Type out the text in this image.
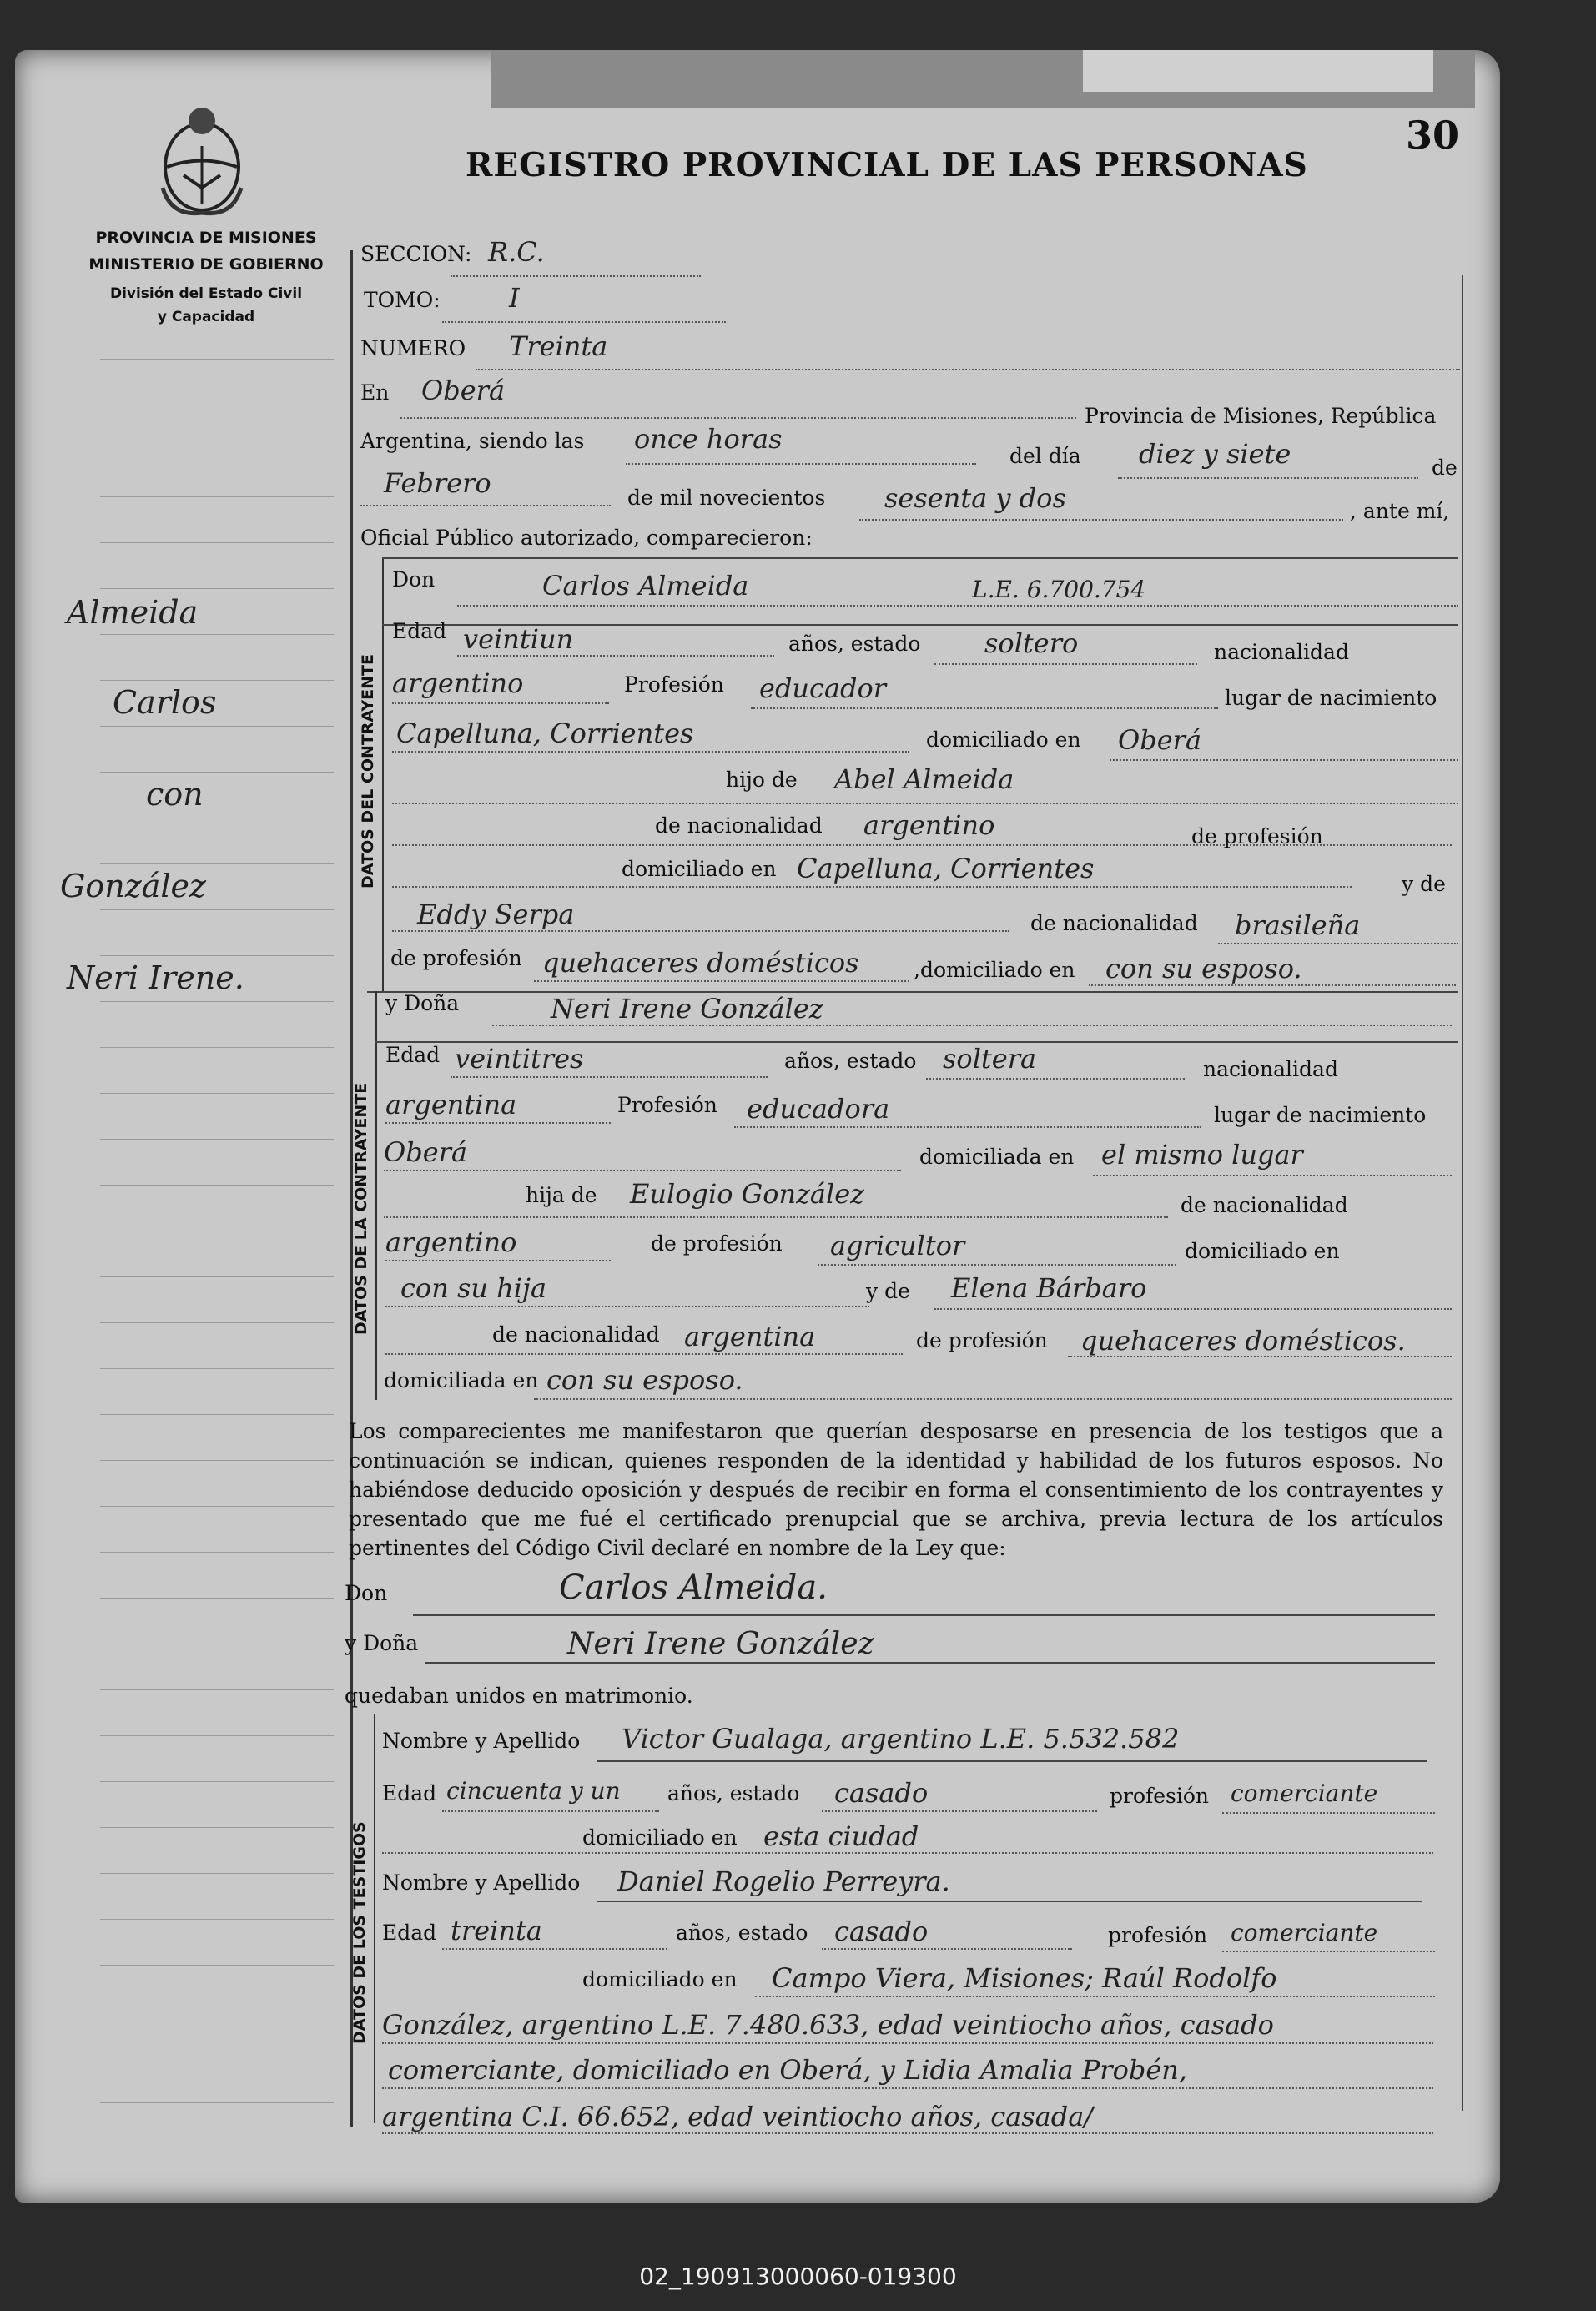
30
REGISTRO PROVINCIAL DE LAS PERSONAS
PROVINCIA DE MISIONES
MINISTERIO DE GOBIERNO
División del Estado Civil
y Capacidad
Almeida
Carlos
con
González
Neri Irene.
SECCION: R.C.
TOMO:	I
NUMERO Treinta
En Oberá
Provincia de Misiones, República
Argentina, siendo las once horas
del día diez y siete	de
Febrero	de mil novecientos sesenta y dos	, ante mí,
Oficial Público autorizado, comparecieron:
DATOS DEL CONTRAYENTE
Don	Carlos Almeida	L.E. 6.700.754
Edad veintiun	años, estado soltero	nacionalidad
argentino	Profesión educador	lugar de nacimiento
Capelluna, Corrientes	domiciliado en Oberá
hijo de Abel Almeida
de nacionalidad argentino	de profesión
domiciliado en Capelluna, Corrientes	y de
Eddy Serpa	de nacionalidad brasileña
de profesión quehaceres domésticos	,domiciliado en con su esposo.
DATOS DE LA CONTRAYENTE
y Doña	Neri Irene González
Edad veintitres	años, estado soltera	nacionalidad
argentina	Profesión educadora	lugar de nacimiento
Oberá	domiciliada en el mismo lugar
hija de Eulogio González	de nacionalidad
argentino	de profesión agricultor	domiciliado en
con su hija	y de Elena Bárbaro
de nacionalidad argentina	de profesión quehaceres domésticos.
domiciliada en con su esposo.
Los comparecientes me manifestaron que querían desposarse en presencia de los testigos que a continuación se indican, quienes responden de la identidad y habilidad de los futuros esposos. No habiéndose deducido oposición y después de recibir en forma el consentimiento de los contrayentes y presentado que me fué el certificado prenupcial que se archiva, previa lectura de los artículos pertinentes del Código Civil declaré en nombre de la Ley que:
Don	Carlos Almeida.
y Doña	Neri Irene González
quedaban unidos en matrimonio.
DATOS DE LOS TESTIGOS
Nombre y Apellido Victor Gualaga, argentino L.E. 5.532.582
Edad cincuenta y un años, estado casado	profesión comerciante
domiciliado en esta ciudad
Nombre y Apellido Daniel Rogelio Perreyra.
Edad treinta	años, estado casado	profesión comerciante
domiciliado en Campo Viera, Misiones; Raúl Rodolfo
González, argentino L.E. 7.480.633, edad veintiocho años, casado
comerciante, domiciliado en Oberá, y Lidia Amalia Probén,
argentina C.I. 66.652, edad veintiocho años, casada/
02_190913000060-019300
